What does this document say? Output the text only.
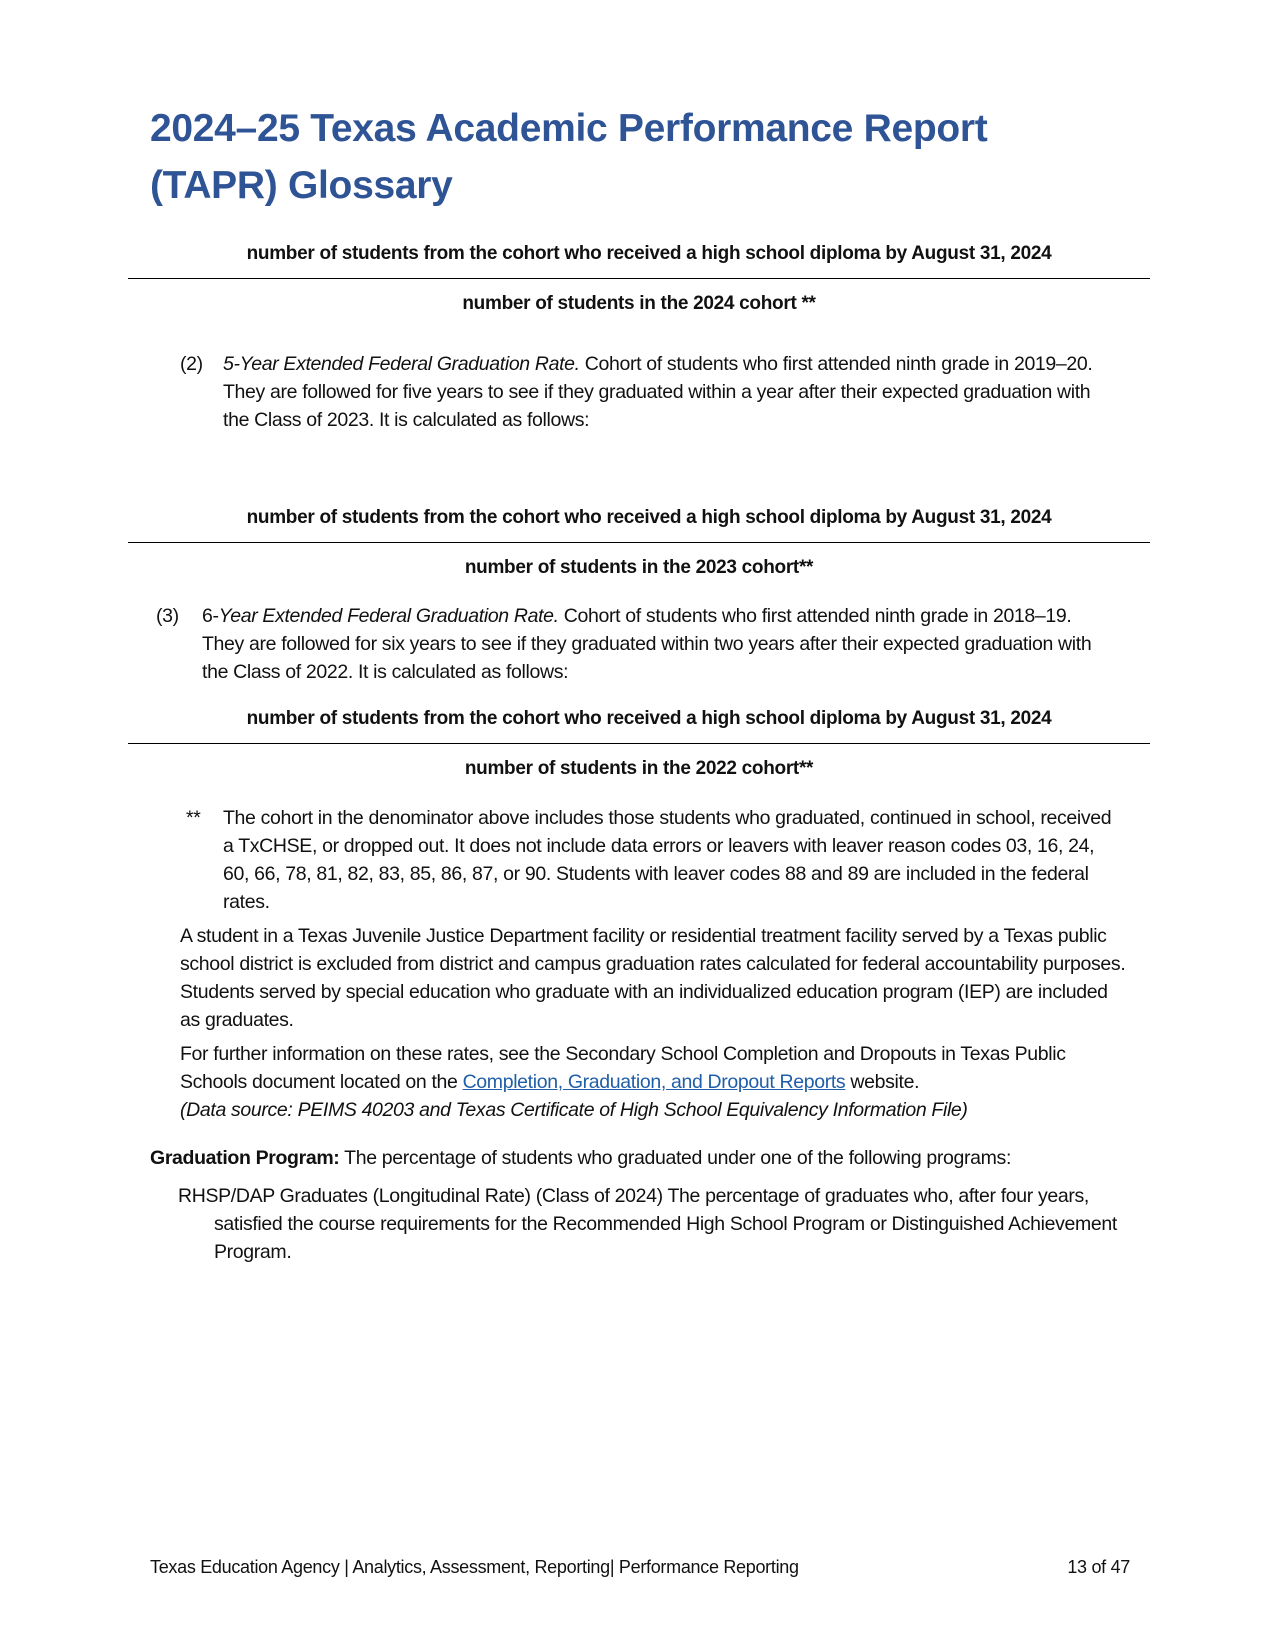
2024–25 Texas Academic Performance Report (TAPR) Glossary
number of students from the cohort who received a high school diploma by August 31, 2024
number of students in the 2024 cohort **
(2) 5-Year Extended Federal Graduation Rate. Cohort of students who first attended ninth grade in 2019–20. They are followed for five years to see if they graduated within a year after their expected graduation with the Class of 2023. It is calculated as follows:
number of students from the cohort who received a high school diploma by August 31, 2024
number of students in the 2023 cohort**
(3) 6-Year Extended Federal Graduation Rate. Cohort of students who first attended ninth grade in 2018–19. They are followed for six years to see if they graduated within two years after their expected graduation with the Class of 2022. It is calculated as follows:
number of students from the cohort who received a high school diploma by August 31, 2024
number of students in the 2022 cohort**
** The cohort in the denominator above includes those students who graduated, continued in school, received a TxCHSE, or dropped out. It does not include data errors or leavers with leaver reason codes 03, 16, 24, 60, 66, 78, 81, 82, 83, 85, 86, 87, or 90. Students with leaver codes 88 and 89 are included in the federal rates.
A student in a Texas Juvenile Justice Department facility or residential treatment facility served by a Texas public school district is excluded from district and campus graduation rates calculated for federal accountability purposes. Students served by special education who graduate with an individualized education program (IEP) are included as graduates.
For further information on these rates, see the Secondary School Completion and Dropouts in Texas Public Schools document located on the Completion, Graduation, and Dropout Reports website.
(Data source: PEIMS 40203 and Texas Certificate of High School Equivalency Information File)
Graduation Program: The percentage of students who graduated under one of the following programs:
RHSP/DAP Graduates (Longitudinal Rate) (Class of 2024) The percentage of graduates who, after four years, satisfied the course requirements for the Recommended High School Program or Distinguished Achievement Program.
Texas Education Agency | Analytics, Assessment, Reporting| Performance Reporting	13 of 47
